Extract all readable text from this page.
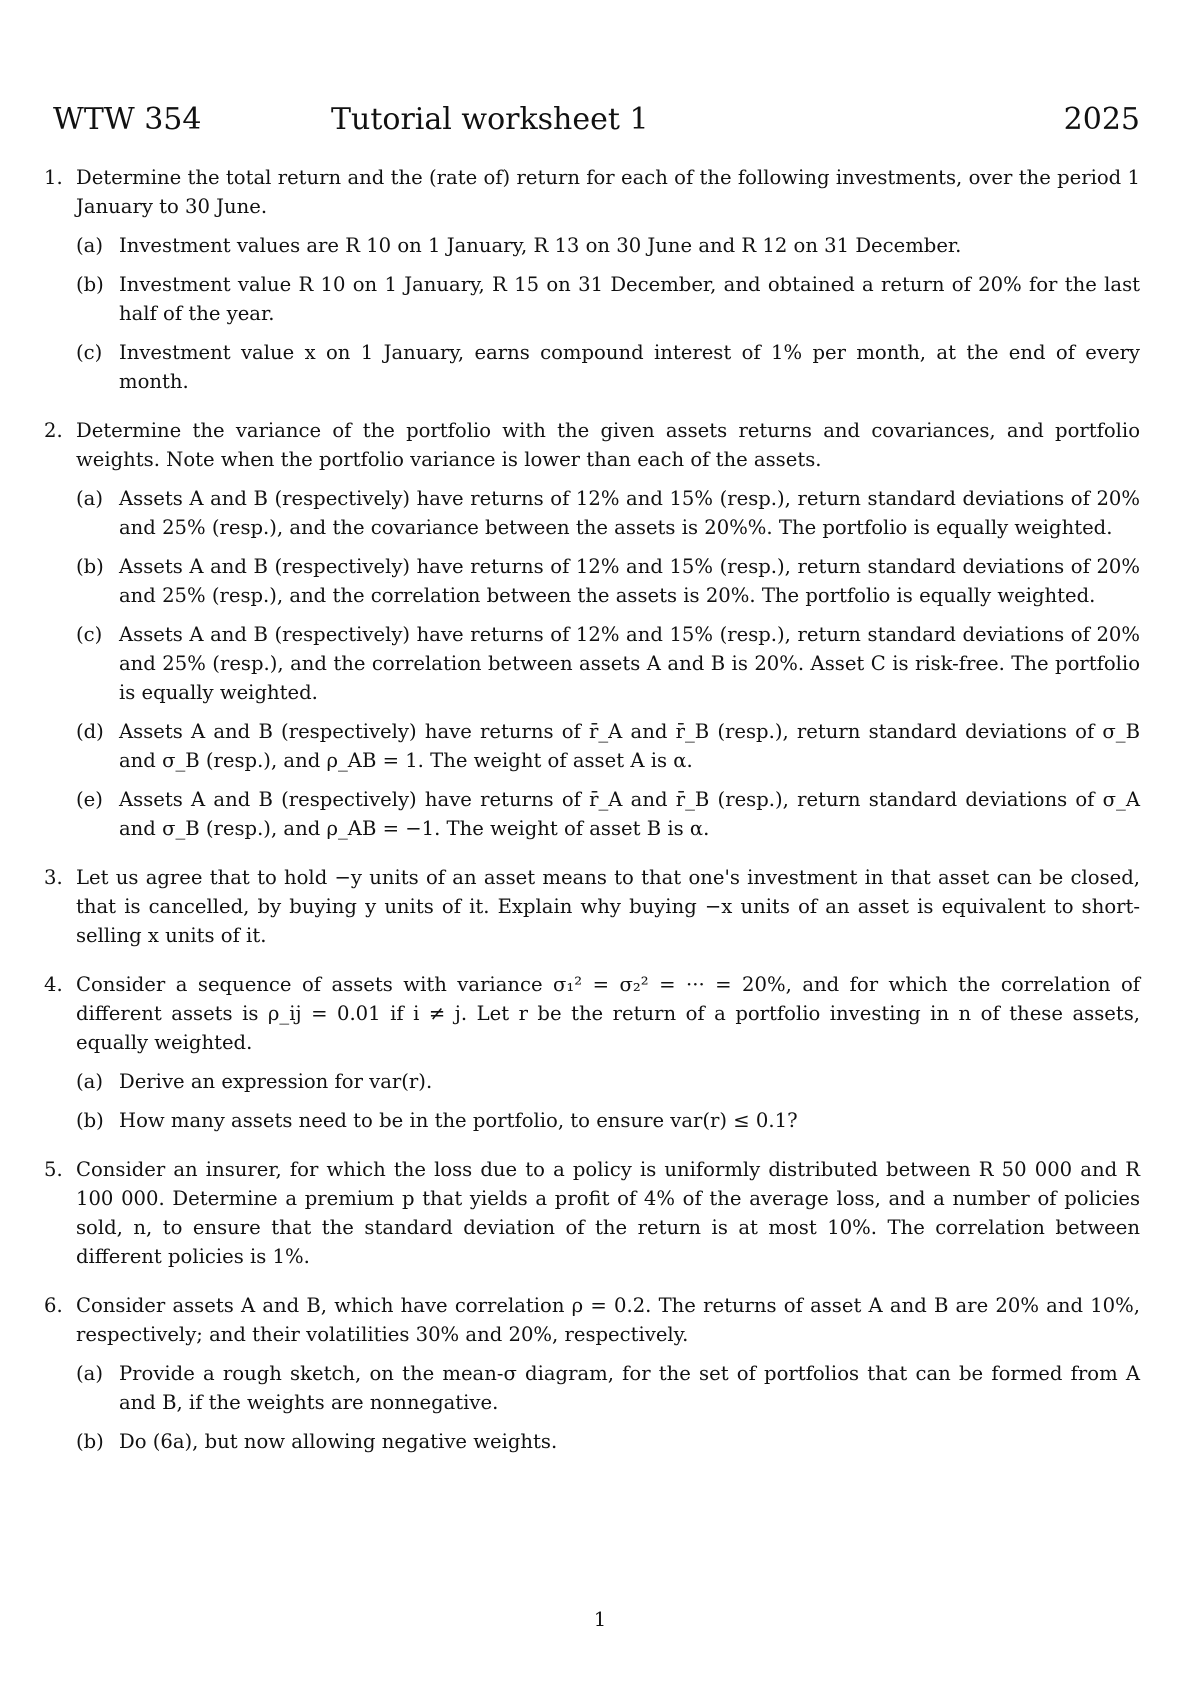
WTW 354	Tutorial worksheet 1	2025
1. Determine the total return and the (rate of) return for each of the following investments, over the period 1 January to 30 June.
(a) Investment values are R 10 on 1 January, R 13 on 30 June and R 12 on 31 December.
(b) Investment value R 10 on 1 January, R 15 on 31 December, and obtained a return of 20% for the last half of the year.
(c) Investment value x on 1 January, earns compound interest of 1% per month, at the end of every month.
2. Determine the variance of the portfolio with the given assets returns and covariances, and portfolio weights. Note when the portfolio variance is lower than each of the assets.
(a) Assets A and B (respectively) have returns of 12% and 15% (resp.), return standard deviations of 20% and 25% (resp.), and the covariance between the assets is 20%%. The portfolio is equally weighted.
(b) Assets A and B (respectively) have returns of 12% and 15% (resp.), return standard deviations of 20% and 25% (resp.), and the correlation between the assets is 20%. The portfolio is equally weighted.
(c) Assets A and B (respectively) have returns of 12% and 15% (resp.), return standard deviations of 20% and 25% (resp.), and the correlation between assets A and B is 20%. Asset C is risk-free. The portfolio is equally weighted.
(d) Assets A and B (respectively) have returns of r̄_A and r̄_B (resp.), return standard deviations of σ_B and σ_B (resp.), and ρ_AB = 1. The weight of asset A is α.
(e) Assets A and B (respectively) have returns of r̄_A and r̄_B (resp.), return standard deviations of σ_A and σ_B (resp.), and ρ_AB = −1. The weight of asset B is α.
3. Let us agree that to hold −y units of an asset means to that one's investment in that asset can be closed, that is cancelled, by buying y units of it. Explain why buying −x units of an asset is equivalent to short-selling x units of it.
4. Consider a sequence of assets with variance σ₁² = σ₂² = ··· = 20%, and for which the correlation of different assets is ρ_ij = 0.01 if i ≠ j. Let r be the return of a portfolio investing in n of these assets, equally weighted.
(a) Derive an expression for var(r).
(b) How many assets need to be in the portfolio, to ensure var(r) ≤ 0.1?
5. Consider an insurer, for which the loss due to a policy is uniformly distributed between R 50 000 and R 100 000. Determine a premium p that yields a profit of 4% of the average loss, and a number of policies sold, n, to ensure that the standard deviation of the return is at most 10%. The correlation between different policies is 1%.
6. Consider assets A and B, which have correlation ρ = 0.2. The returns of asset A and B are 20% and 10%, respectively; and their volatilities 30% and 20%, respectively.
(a) Provide a rough sketch, on the mean-σ diagram, for the set of portfolios that can be formed from A and B, if the weights are nonnegative.
(b) Do (6a), but now allowing negative weights.
1
